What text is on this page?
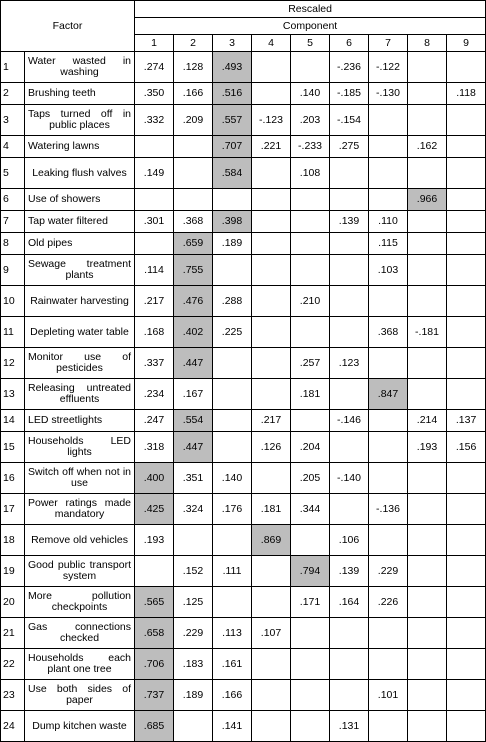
Factor		Rescaled								
		Component								
		1	2	3	4	5	6	7	8	9
1	Water wasted in washing	.274	.128	.493			-.236	-.122		
2	Brushing teeth	.350	.166	.516		.140	-.185	-.130		.118
3	Taps turned off in public places	.332	.209	.557	-.123	.203	-.154			
4	Watering lawns			.707	.221	-.233	.275		.162	
5	Leaking flush valves	.149		.584		.108				
6	Use of showers								.966	
7	Tap water filtered	.301	.368	.398			.139	.110		
8	Old pipes		.659	.189				.115		
9	Sewage treatment plants	.114	.755					.103		
10	Rainwater harvesting	.217	.476	.288		.210				
11	Depleting water table	.168	.402	.225				.368	-.181	
12	Monitor use of pesticides	.337	.447			.257	.123			
13	Releasing untreated effluents	.234	.167			.181		.847		
14	LED streetlights	.247	.554		.217		-.146		.214	.137
15	Households LED lights	.318	.447		.126	.204			.193	.156
16	Switch off when not in use	.400	.351	.140		.205	-.140			
17	Power ratings made mandatory	.425	.324	.176	.181	.344		-.136		
18	Remove old vehicles	.193			.869		.106			
19	Good public transport system		.152	.111		.794	.139	.229		
20	More pollution checkpoints	.565	.125			.171	.164	.226		
21	Gas connections checked	.658	.229	.113	.107					
22	Households each plant one tree	.706	.183	.161						
23	Use both sides of paper	.737	.189	.166				.101		
24	Dump kitchen waste	.685		.141			.131			
